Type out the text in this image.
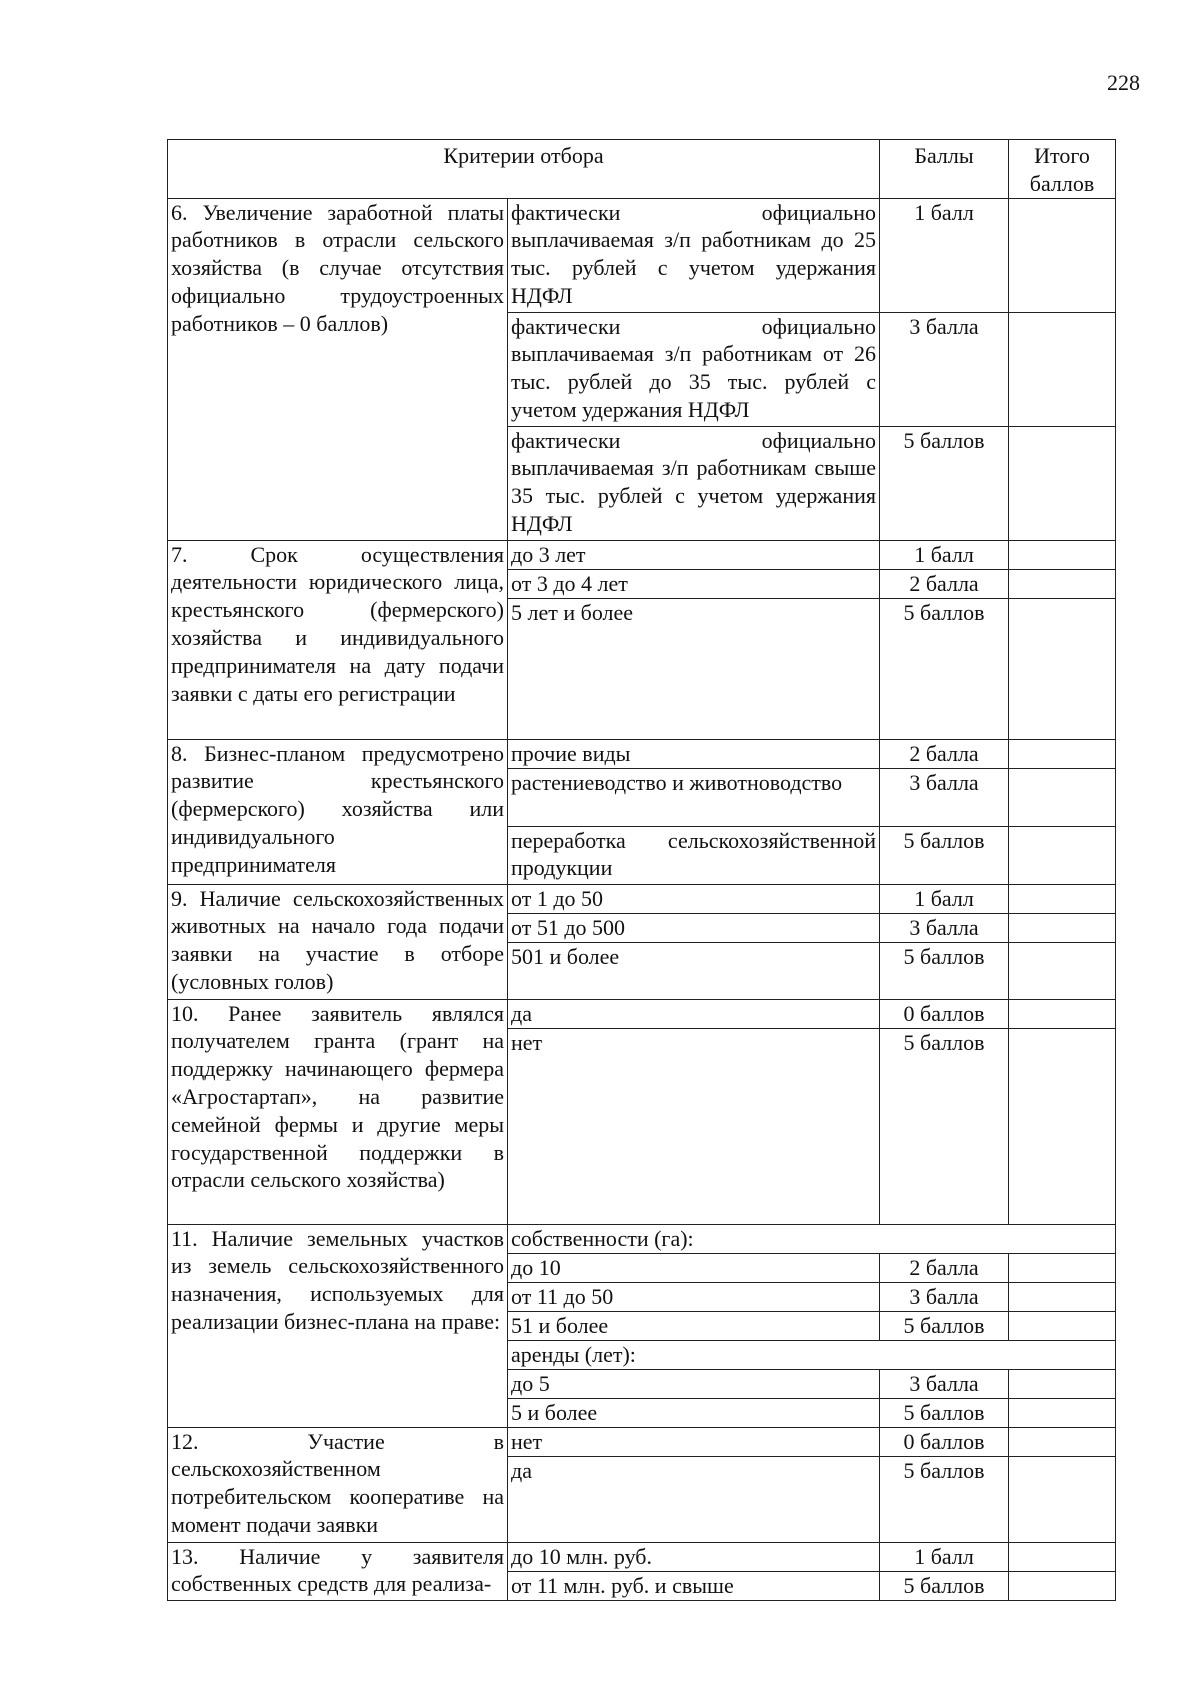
228
Критерии отбора		Баллы	Итого баллов
6. Увеличение заработной платы работников в отрасли сельского хозяйства (в случае отсутствия официально трудоустроенных работников – 0 баллов)	фактически официально выплачиваемая з/п работникам до 25 тыс. рублей с учетом удержания НДФЛ	1 балл	
	фактически официально выплачиваемая з/п работникам от 26 тыс. рублей до 35 тыс. рублей с учетом удержания НДФЛ	3 балла	
	фактически официально выплачиваемая з/п работникам свыше 35 тыс. рублей с учетом удержания НДФЛ	5 баллов	
7. Срок осуществления деятельности юридического лица, крестьянского (фермерского) хозяйства и индивидуального предпринимателя на дату подачи заявки с даты его регистрации	до 3 лет	1 балл	
	от 3 до 4 лет	2 балла	
	5 лет и более	5 баллов	
8. Бизнес-планом предусмотрено развитие крестьянского (фермерского) хозяйства или индивидуального предпринимателя	прочие виды	2 балла	
	растениеводство и животноводство	3 балла	
	переработка сельскохозяйственной продукции	5 баллов	
9. Наличие сельскохозяйственных животных на начало года подачи заявки на участие в отборе (условных голов)	от 1 до 50	1 балл	
	от 51 до 500	3 балла	
	501 и более	5 баллов	
10. Ранее заявитель являлся получателем гранта (грант на поддержку начинающего фермера «Агростартап», на развитие семейной фермы и другие меры государственной поддержки в отрасли сельского хозяйства)	да	0 баллов	
	нет	5 баллов	
11. Наличие земельных участков из земель сельскохозяйственного назначения, используемых для реализации бизнес-плана на праве:	собственности (га):		
	до 10	2 балла	
	от 11 до 50	3 балла	
	51 и более	5 баллов	
	аренды (лет):		
	до 5	3 балла	
	5 и более	5 баллов	
12. Участие в сельскохозяйственном потребительском кооперативе на момент подачи заявки	нет	0 баллов	
	да	5 баллов	
13. Наличие у заявителя собственных средств для реализа-	до 10 млн. руб.	1 балл	
	от 11 млн. руб. и свыше	5 баллов	
